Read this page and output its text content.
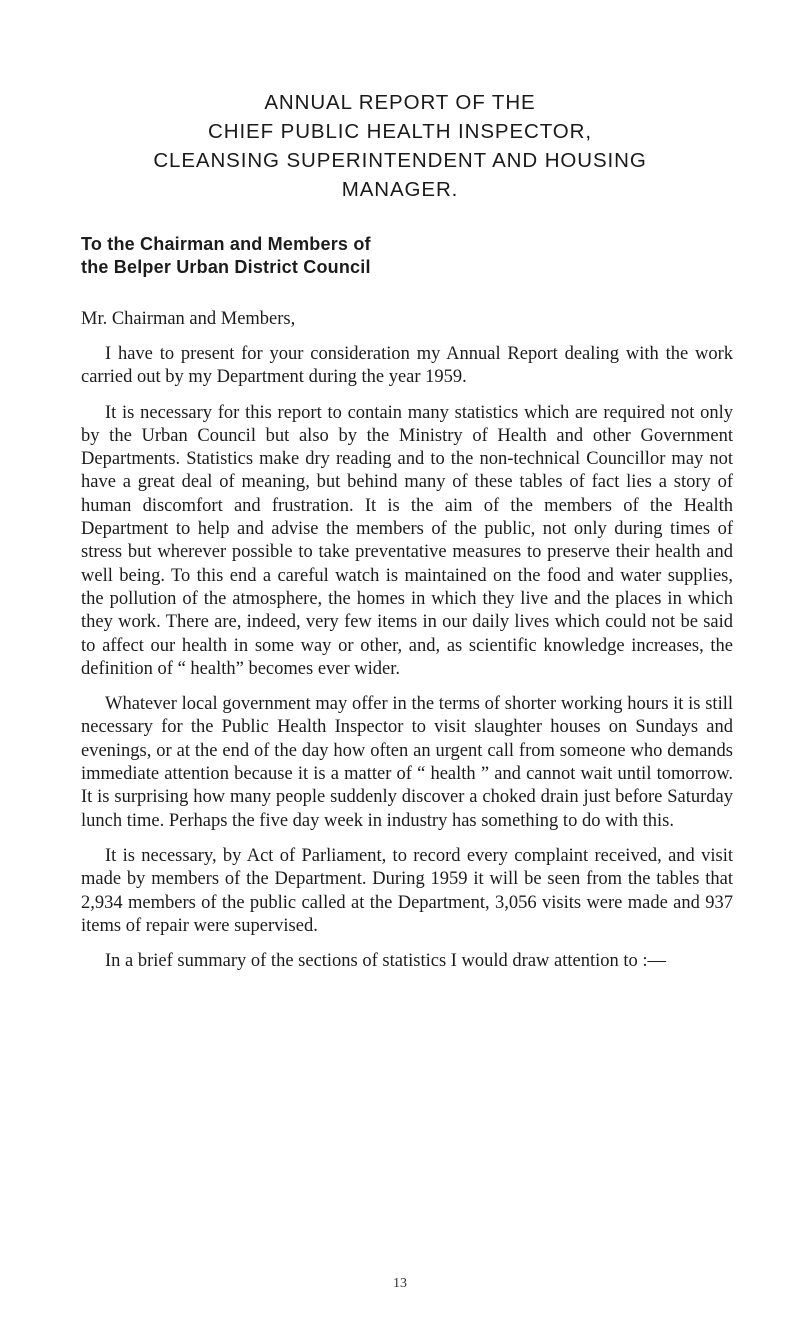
ANNUAL REPORT OF THE
CHIEF PUBLIC HEALTH INSPECTOR,
CLEANSING SUPERINTENDENT AND HOUSING
MANAGER.
To the Chairman and Members of
the Belper Urban District Council
Mr. Chairman and Members,

I have to present for your consideration my Annual Report dealing with the work carried out by my Department during the year 1959.

It is necessary for this report to contain many statistics which are required not only by the Urban Council but also by the Ministry of Health and other Government Departments. Statistics make dry reading and to the non-technical Councillor may not have a great deal of meaning, but behind many of these tables of fact lies a story of human discomfort and frustration. It is the aim of the members of the Health Department to help and advise the members of the public, not only during times of stress but wherever possible to take preventative measures to preserve their health and well being. To this end a careful watch is maintained on the food and water supplies, the pollution of the atmosphere, the homes in which they live and the places in which they work. There are, indeed, very few items in our daily lives which could not be said to affect our health in some way or other, and, as scientific knowledge increases, the definition of “ health” becomes ever wider.

Whatever local government may offer in the terms of shorter working hours it is still necessary for the Public Health Inspector to visit slaughter houses on Sundays and evenings, or at the end of the day how often an urgent call from someone who demands immediate attention because it is a matter of “ health ” and cannot wait until tomorrow. It is surprising how many people suddenly discover a choked drain just before Saturday lunch time. Perhaps the five day week in industry has something to do with this.

It is necessary, by Act of Parliament, to record every complaint received, and visit made by members of the Department. During 1959 it will be seen from the tables that 2,934 members of the public called at the Department, 3,056 visits were made and 937 items of repair were supervised.

In a brief summary of the sections of statistics I would draw attention to :—

13
